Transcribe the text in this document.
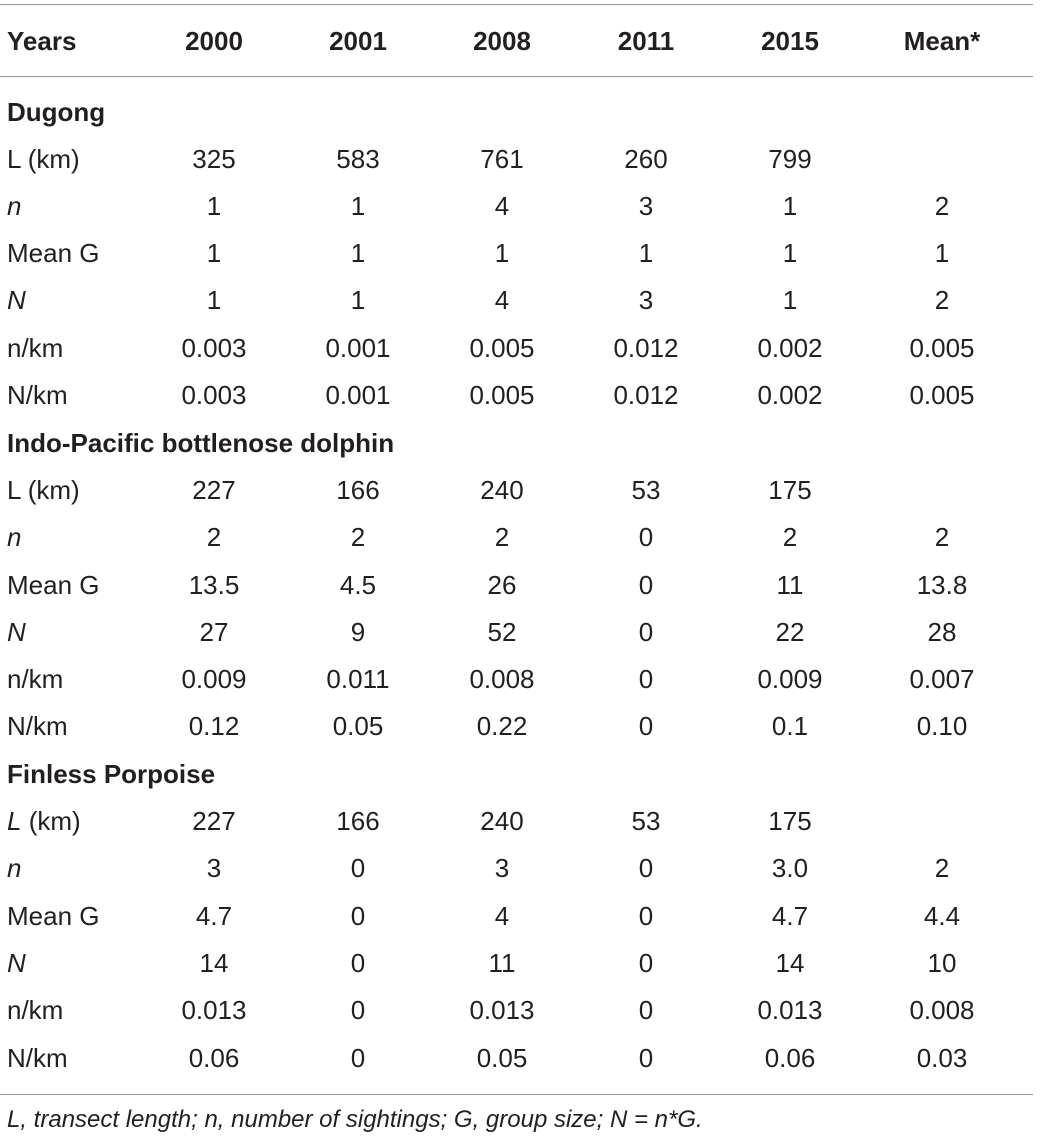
Years	2000	2001	2008	2011	2015	Mean*
Dugong
L (km)	325	583	761	260	799
n	1	1	4	3	1	2
Mean G	1	1	1	1	1	1
N	1	1	4	3	1	2
n/km	0.003	0.001	0.005	0.012	0.002	0.005
N/km	0.003	0.001	0.005	0.012	0.002	0.005
Indo-Pacific bottlenose dolphin
L (km)	227	166	240	53	175
n	2	2	2	0	2	2
Mean G	13.5	4.5	26	0	11	13.8
N	27	9	52	0	22	28
n/km	0.009	0.011	0.008	0	0.009	0.007
N/km	0.12	0.05	0.22	0	0.1	0.10
Finless Porpoise
L (km)	227	166	240	53	175
n	3	0	3	0	3.0	2
Mean G	4.7	0	4	0	4.7	4.4
N	14	0	11	0	14	10
n/km	0.013	0	0.013	0	0.013	0.008
N/km	0.06	0	0.05	0	0.06	0.03
L, transect length; n, number of sightings; G, group size; N = n*G.
